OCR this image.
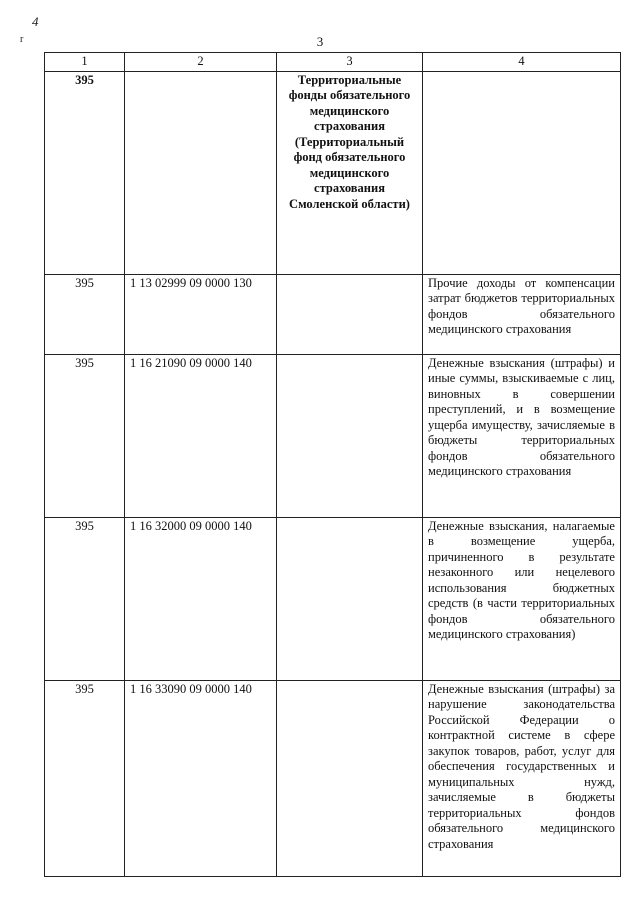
4
r	3
1	2	3	4
395		Территориальные фонды обязательного медицинского страхования (Территориальный фонд обязательного медицинского страхования Смоленской области)	
395	1 13 02999 09 0000 130		Прочие доходы от компенсации затрат бюджетов территориальных фондов обязательного медицинского страхования
395	1 16 21090 09 0000 140		Денежные взыскания (штрафы) и иные суммы, взыскиваемые с лиц, виновных в совершении преступлений, и в возмещение ущерба имуществу, зачисляемые в бюджеты территориальных фондов обязательного медицинского страхования
395	1 16 32000 09 0000 140		Денежные взыскания, налагаемые в возмещение ущерба, причиненного в результате незаконного или нецелевого использования бюджетных средств (в части территориальных фондов обязательного медицинского страхования)
395	1 16 33090 09 0000 140		Денежные взыскания (штрафы) за нарушение законодательства Российской Федерации о контрактной системе в сфере закупок товаров, работ, услуг для обеспечения государственных и муниципальных нужд, зачисляемые в бюджеты территориальных фондов обязательного медицинского страхования
